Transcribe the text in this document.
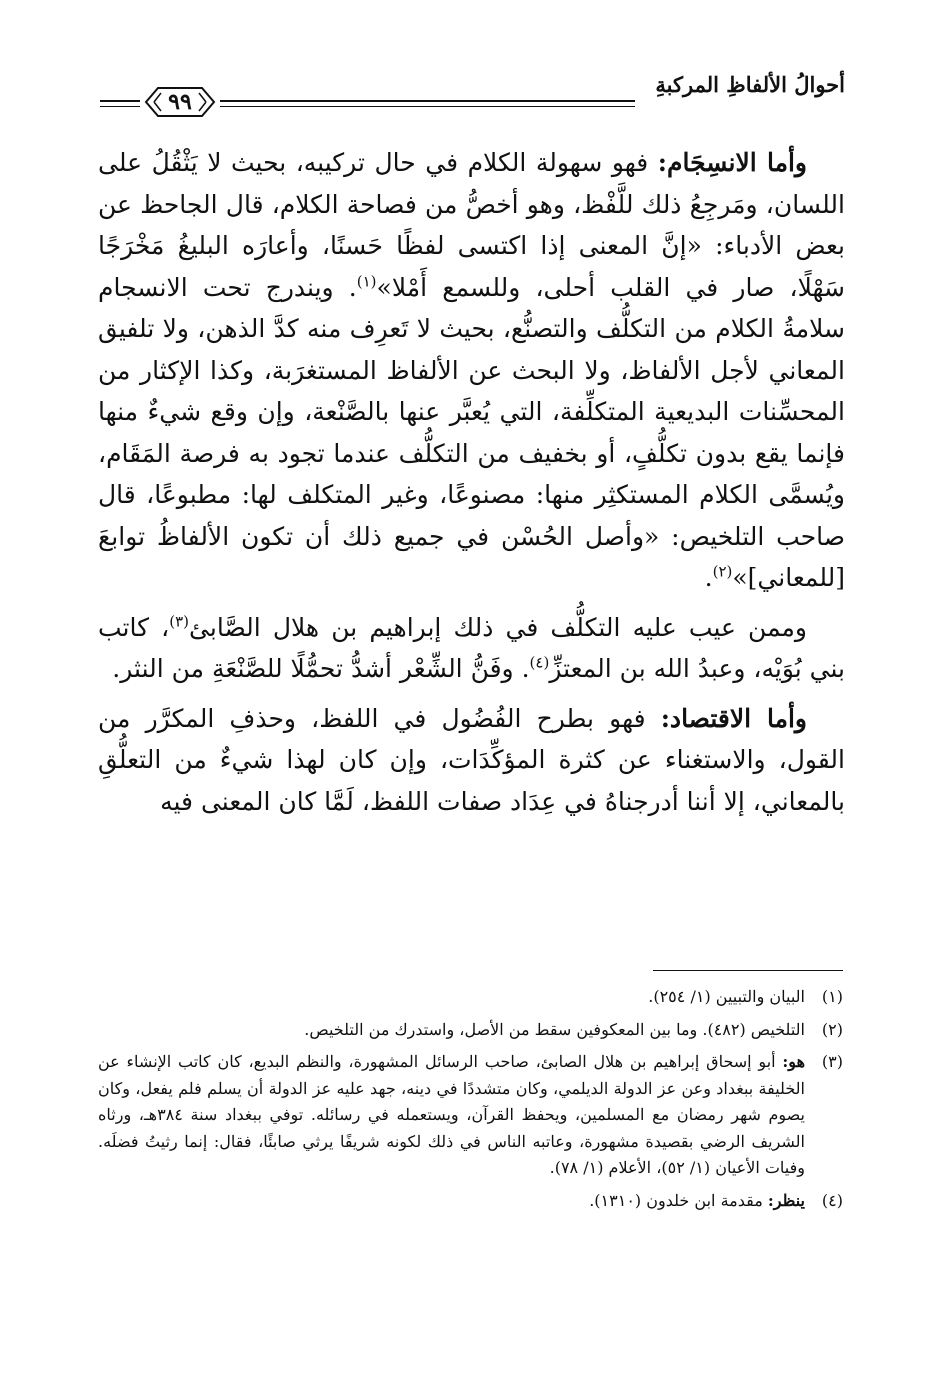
أحوالُ الألفاظِ المركبةِ
٩٩

وأما الانسِجَام: فهو سهولة الكلام في حال تركيبه، بحيث لا يَثْقُلُ على اللسان، ومَرجِعُ ذلك للَّفْظ، وهو أخصُّ من فصاحة الكلام، قال الجاحظ عن بعض الأدباء: «إنَّ المعنى إذا اكتسى لفظًا حَسنًا، وأعارَه البليغُ مَخْرَجًا سَهْلًا، صار في القلب أحلى، وللسمع أَمْلا»$^{(١)}$. ويندرج تحت الانسجام سلامةُ الكلام من التكلُّف والتصنُّع، بحيث لا تَعرِف منه كدَّ الذهن، ولا تلفيق المعاني لأجل الألفاظ، ولا البحث عن الألفاظ المستغرَبة، وكذا الإكثار من المحسِّنات البديعية المتكلِّفة، التي يُعبَّر عنها بالصَّنْعة، وإن وقع شيءٌ منها فإنما يقع بدون تكلُّفٍ، أو بخفيف من التكلُّف عندما تجود به فرصة المَقَام، ويُسمَّى الكلام المستكثِر منها: مصنوعًا، وغير المتكلف لها: مطبوعًا، قال صاحب التلخيص: «وأصل الحُسْن في جميع ذلك أن تكون الألفاظُ توابعَ [للمعاني]»$^{(٢)}$.

وممن عيب عليه التكلُّف في ذلك إبراهيم بن هلال الصَّابئ$^{(٣)}$، كاتب بني بُوَيْه، وعبدُ الله بن المعتزِّ$^{(٤)}$. وفَنُّ الشِّعْر أشدُّ تحمُّلًا للصَّنْعَةِ من النثر.

وأما الاقتصاد: فهو بطرح الفُضُول في اللفظ، وحذفِ المكرَّر من القول، والاستغناء عن كثرة المؤكِّدَات، وإن كان لهذا شيءٌ من التعلُّقِ بالمعاني، إلا أننا أدرجناهُ في عِدَاد صفات اللفظ، لَمَّا كان المعنى فيه

(١)
البيان والتبيين (١/ ٢٥٤).
(٢)
التلخيص (٤٨٢). وما بين المعكوفين سقط من الأصل، واستدرك من التلخيص.
(٣)
هو: أبو إسحاق إبراهيم بن هلال الصابئ، صاحب الرسائل المشهورة، والنظم البديع، كان كاتب الإنشاء عن الخليفة ببغداد وعن عز الدولة الديلمي، وكان متشددًا في دينه، جهد عليه عز الدولة أن يسلم فلم يفعل، وكان يصوم شهر رمضان مع المسلمين، ويحفظ القرآن، ويستعمله في رسائله. توفي ببغداد سنة ٣٨٤هـ، ورثاه الشريف الرضي بقصيدة مشهورة، وعاتبه الناس في ذلك لكونه شريفًا يرثي صابئًا، فقال: إنما رثيتُ فضلَه. وفيات الأعيان (١/ ٥٢)، الأعلام (١/ ٧٨).
(٤)
ينظر: مقدمة ابن خلدون (١٣١٠).
